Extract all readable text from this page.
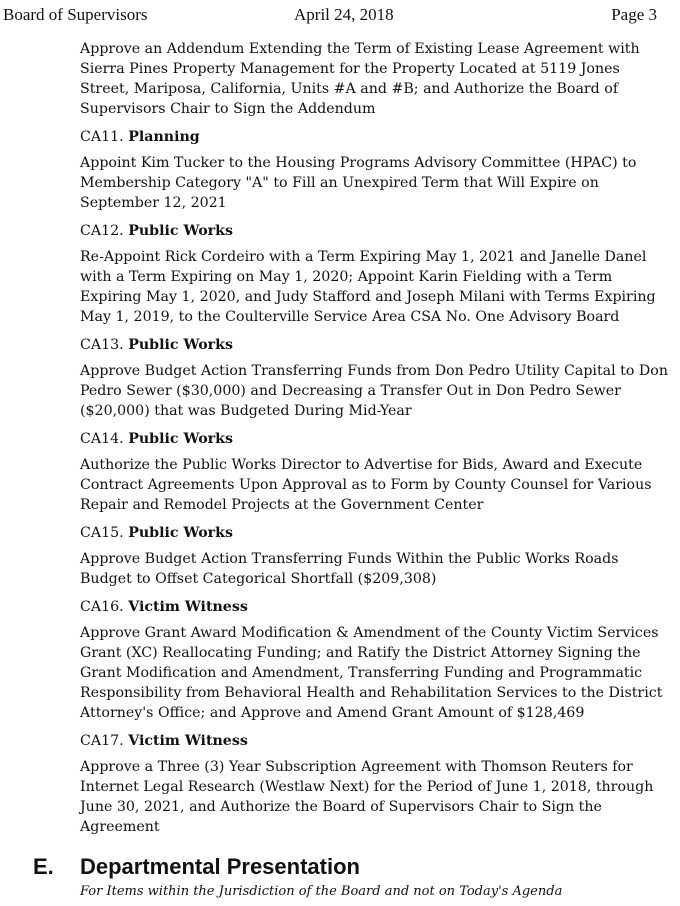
Board of Supervisors	April 24, 2018	Page 3

Approve an Addendum Extending the Term of Existing Lease Agreement with Sierra Pines Property Management for the Property Located at 5119 Jones Street, Mariposa, California, Units #A and #B; and Authorize the Board of Supervisors Chair to Sign the Addendum

CA11. Planning

Appoint Kim Tucker to the Housing Programs Advisory Committee (HPAC) to Membership Category "A" to Fill an Unexpired Term that Will Expire on September 12, 2021

CA12. Public Works

Re-Appoint Rick Cordeiro with a Term Expiring May 1, 2021 and Janelle Danel with a Term Expiring on May 1, 2020; Appoint Karin Fielding with a Term Expiring May 1, 2020, and Judy Stafford and Joseph Milani with Terms Expiring May 1, 2019, to the Coulterville Service Area CSA No. One Advisory Board

CA13. Public Works

Approve Budget Action Transferring Funds from Don Pedro Utility Capital to Don Pedro Sewer ($30,000) and Decreasing a Transfer Out in Don Pedro Sewer ($20,000) that was Budgeted During Mid-Year

CA14. Public Works

Authorize the Public Works Director to Advertise for Bids, Award and Execute Contract Agreements Upon Approval as to Form by County Counsel for Various Repair and Remodel Projects at the Government Center

CA15. Public Works

Approve Budget Action Transferring Funds Within the Public Works Roads Budget to Offset Categorical Shortfall ($209,308)

CA16. Victim Witness

Approve Grant Award Modification & Amendment of the County Victim Services Grant (XC) Reallocating Funding; and Ratify the District Attorney Signing the Grant Modification and Amendment, Transferring Funding and Programmatic Responsibility from Behavioral Health and Rehabilitation Services to the District Attorney's Office; and Approve and Amend Grant Amount of $128,469

CA17. Victim Witness

Approve a Three (3) Year Subscription Agreement with Thomson Reuters for Internet Legal Research (Westlaw Next) for the Period of June 1, 2018, through June 30, 2021, and Authorize the Board of Supervisors Chair to Sign the Agreement

E. Departmental Presentation
For Items within the Jurisdiction of the Board and not on Today's Agenda
